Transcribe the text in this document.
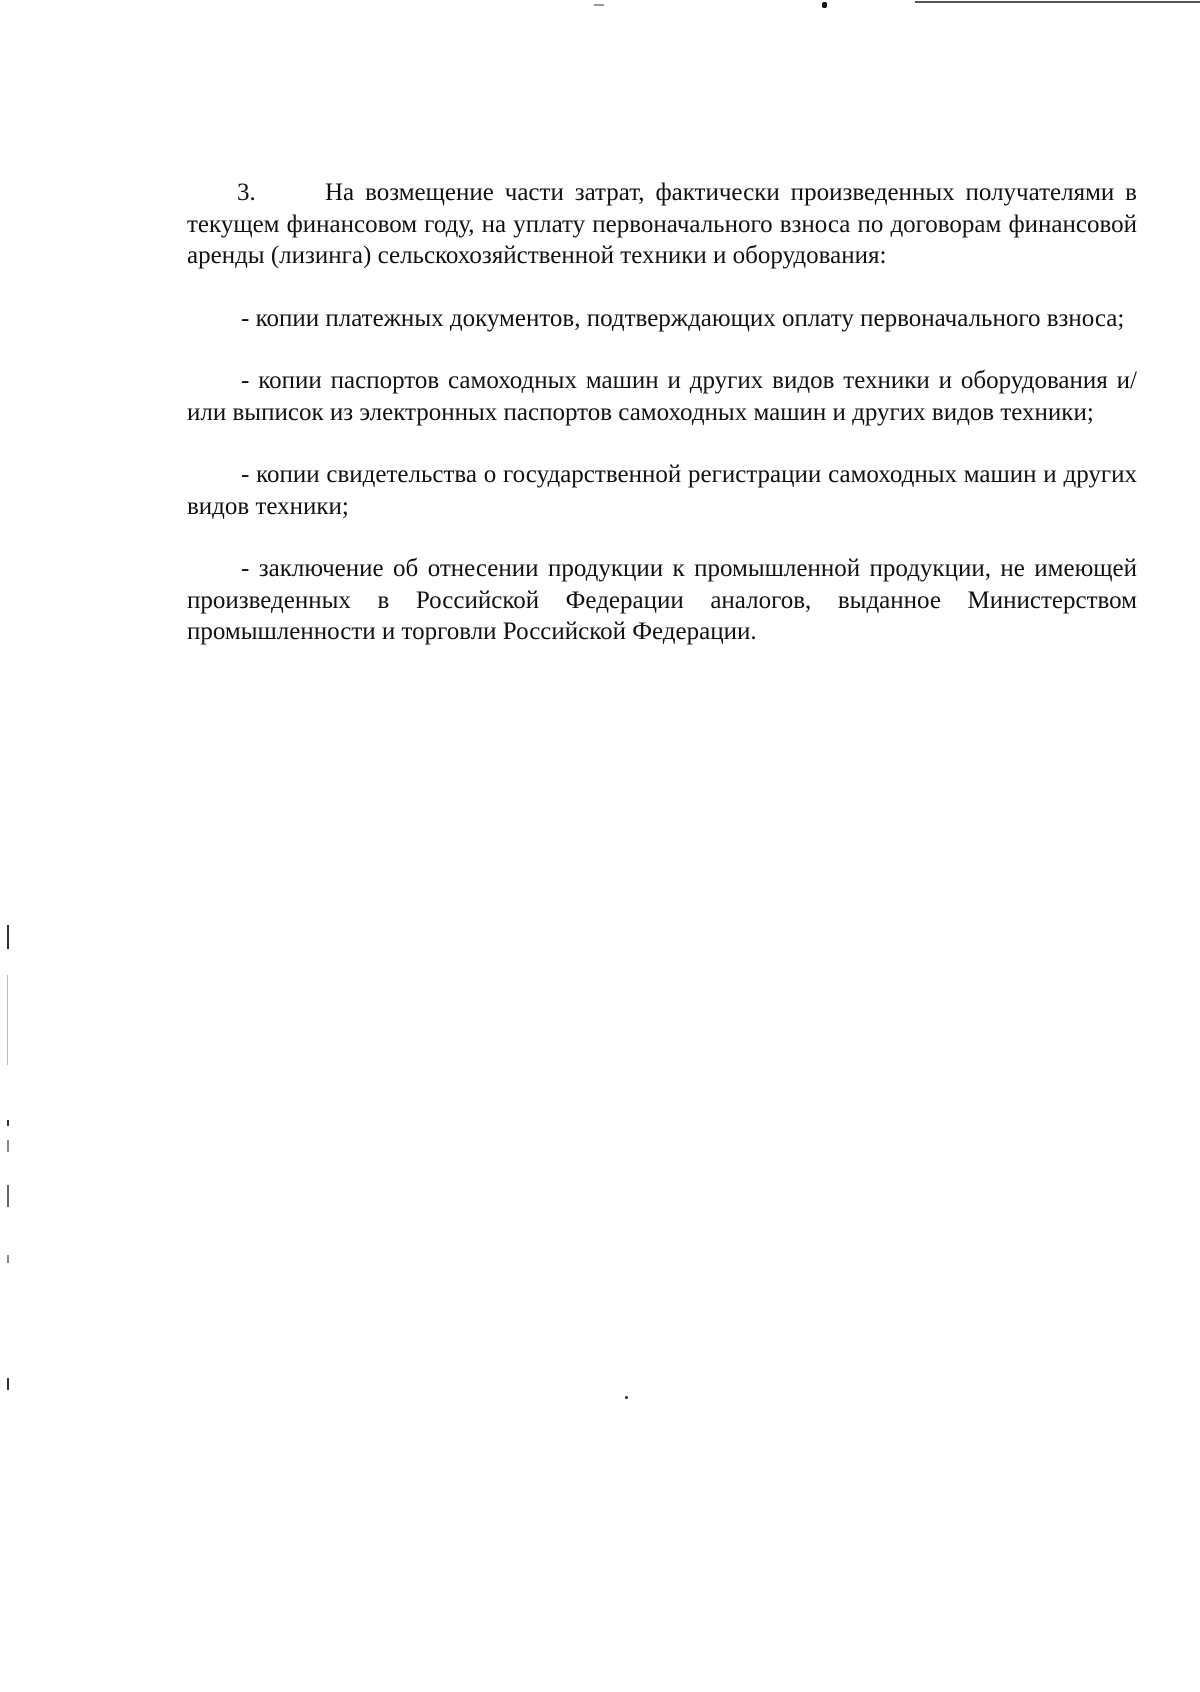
3.	На возмещение части затрат, фактически произведенных получателями в текущем финансовом году, на уплату первоначального взноса по договорам финансовой аренды (лизинга) сельскохозяйственной техники и оборудования:

- копии платежных документов, подтверждающих оплату первоначального взноса;

- копии паспортов самоходных машин и других видов техники и оборудования и/или выписок из электронных паспортов самоходных машин и других видов техники;

- копии свидетельства о государственной регистрации самоходных машин и других видов техники;

- заключение об отнесении продукции к промышленной продукции, не имеющей произведенных в Российской Федерации аналогов, выданное Министерством промышленности и торговли Российской Федерации.
